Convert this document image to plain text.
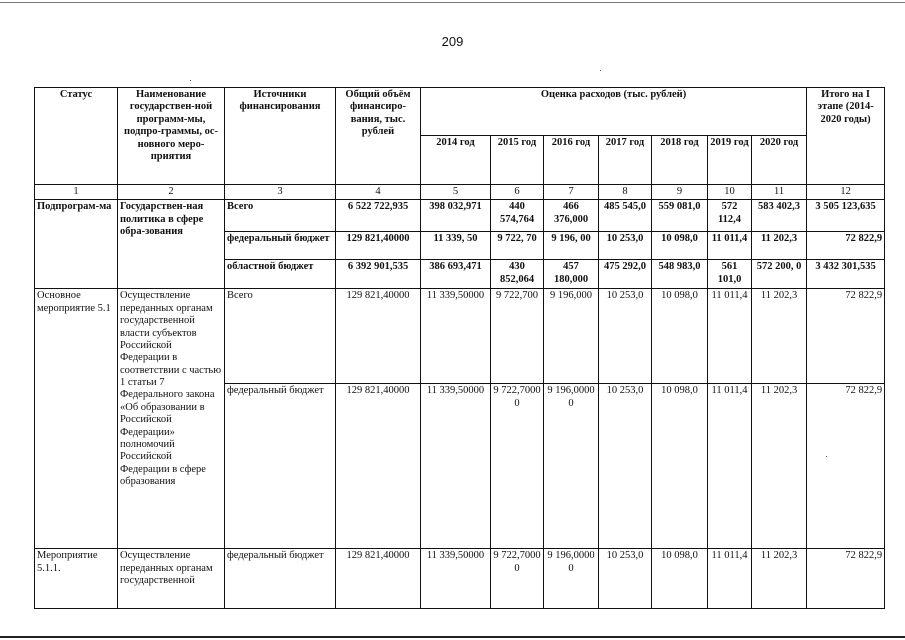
209
Статус	Наименование государствен-ной программ-мы, подпро-граммы, ос-новного меро-приятия	Источники финансирования	Общий объём финансиро-вания, тыс. рублей	Оценка расходов (тыс. рублей)							Итого на I этапе (2014-2020 годы)
				2014 год	2015 год	2016 год	2017 год	2018 год	2019 год	2020 год	
1	2	3	4	5	6	7	8	9	10	11	12
Подпрограм-ма	Государствен-ная политика в сфере обра-зования	Всего	6 522 722,935	398 032,971	440 574,764	466 376,000	485 545,0	559 081,0	572 112,4	583 402,3	3 505 123,635
		федеральный бюджет	129 821,40000	11 339, 50	9 722, 70	9 196, 00	10 253,0	10 098,0	11 011,4	11 202,3	72 822,9
		областной бюджет	6 392 901,535	386 693,471	430 852,064	457 180,000	475 292,0	548 983,0	561 101,0	572 200, 0	3 432 301,535
Основное мероприятие 5.1	Осуществление переданных органам государственной власти субъектов Российской Федерации в соответствии с частью 1 статьи 7 Федерального закона «Об образовании в Российской Федерации» полномочий Российской Федерации в сфере образования	Всего	129 821,40000	11 339,50000	9 722,700	9 196,000	10 253,0	10 098,0	11 011,4	11 202,3	72 822,9
		федеральный бюджет	129 821,40000	11 339,50000	9 722,7000 0	9 196,0000 0	10 253,0	10 098,0	11 011,4	11 202,3	72 822,9
Мероприятие 5.1.1.	Осуществление переданных органам государственной	федеральный бюджет	129 821,40000	11 339,50000	9 722,7000 0	9 196,0000 0	10 253,0	10 098,0	11 011,4	11 202,3	72 822,9
